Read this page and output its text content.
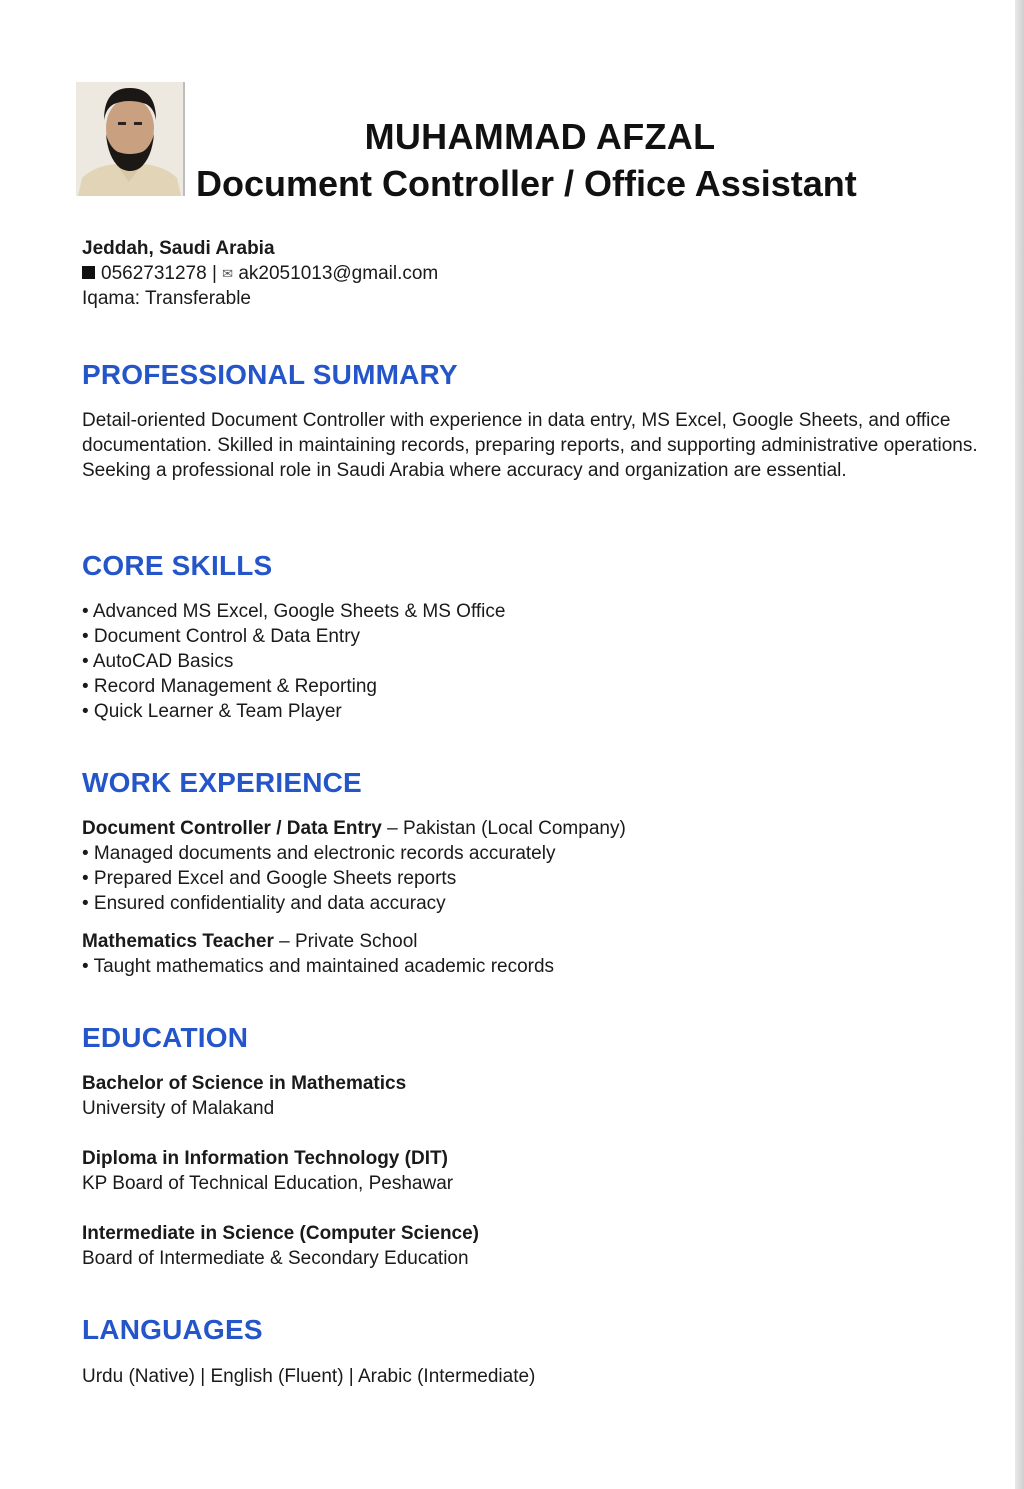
MUHAMMAD AFZAL
Document Controller / Office Assistant
Jeddah, Saudi Arabia
0562731278 | ✉ ak2051013@gmail.com
Iqama: Transferable
PROFESSIONAL SUMMARY
Detail-oriented Document Controller with experience in data entry, MS Excel, Google Sheets, and office documentation. Skilled in maintaining records, preparing reports, and supporting administrative operations. Seeking a professional role in Saudi Arabia where accuracy and organization are essential.
CORE SKILLS
• Advanced MS Excel, Google Sheets & MS Office
• Document Control & Data Entry
• AutoCAD Basics
• Record Management & Reporting
• Quick Learner & Team Player
WORK EXPERIENCE
Document Controller / Data Entry – Pakistan (Local Company)
• Managed documents and electronic records accurately
• Prepared Excel and Google Sheets reports
• Ensured confidentiality and data accuracy
Mathematics Teacher – Private School
• Taught mathematics and maintained academic records
EDUCATION
Bachelor of Science in Mathematics
University of Malakand
Diploma in Information Technology (DIT)
KP Board of Technical Education, Peshawar
Intermediate in Science (Computer Science)
Board of Intermediate & Secondary Education
LANGUAGES
Urdu (Native) | English (Fluent) | Arabic (Intermediate)
